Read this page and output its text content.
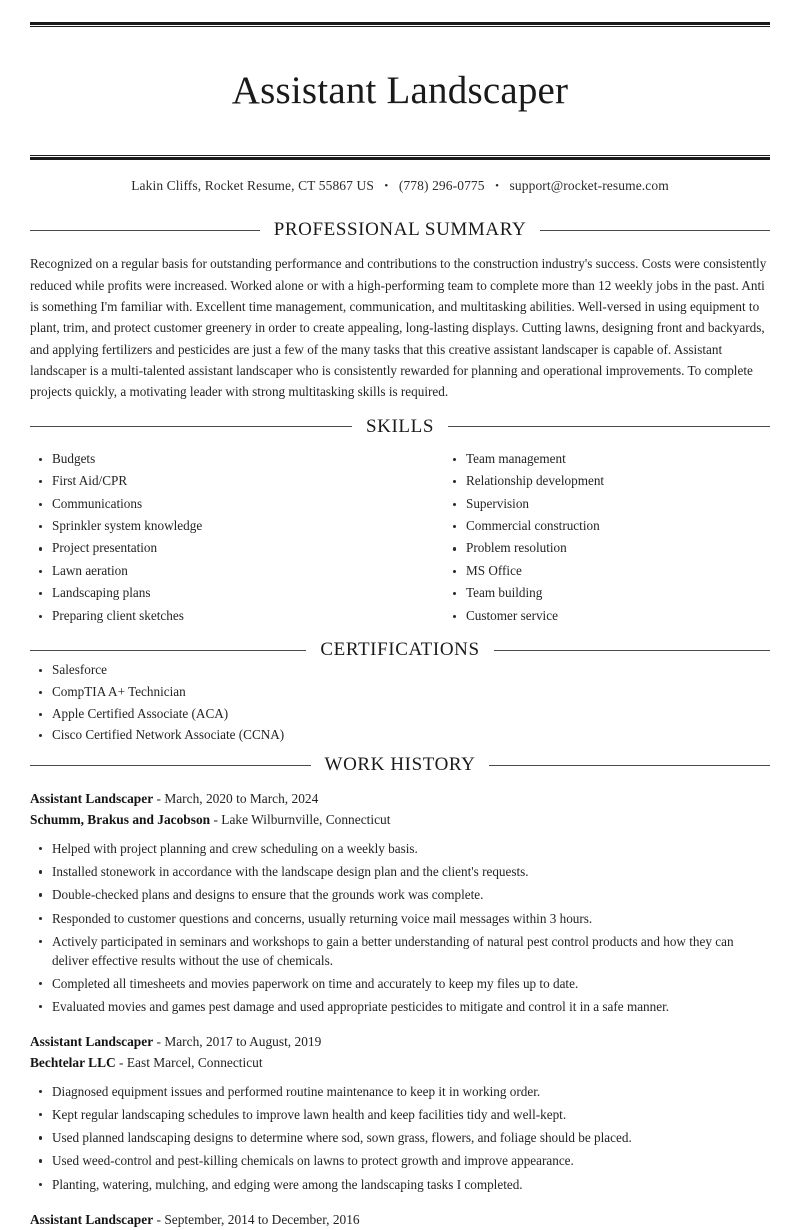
Assistant Landscaper
Lakin Cliffs, Rocket Resume, CT 55867 US • (778) 296-0775 • support@rocket-resume.com
PROFESSIONAL SUMMARY

Recognized on a regular basis for outstanding performance and contributions to the construction industry's success. Costs were consistently reduced while profits were increased. Worked alone or with a high-performing team to complete more than 12 weekly jobs in the past. Anti is something I'm familiar with. Excellent time management, communication, and multitasking abilities. Well-versed in using equipment to plant, trim, and protect customer greenery in order to create appealing, long-lasting displays. Cutting lawns, designing front and backyards, and applying fertilizers and pesticides are just a few of the many tasks that this creative assistant landscaper is capable of. Assistant landscaper is a multi-talented assistant landscaper who is consistently rewarded for planning and operational improvements. To complete projects quickly, a motivating leader with strong multitasking skills is required.

SKILLS
Budgets
First Aid/CPR
Communications
Sprinkler system knowledge
Project presentation
Lawn aeration
Landscaping plans
Preparing client sketches
Team management
Relationship development
Supervision
Commercial construction
Problem resolution
MS Office
Team building
Customer service
CERTIFICATIONS
Salesforce
CompTIA A+ Technician
Apple Certified Associate (ACA)
Cisco Certified Network Associate (CCNA)
WORK HISTORY
Assistant Landscaper - March, 2020 to March, 2024
Schumm, Brakus and Jacobson - Lake Wilburnville, Connecticut
Helped with project planning and crew scheduling on a weekly basis.
Installed stonework in accordance with the landscape design plan and the client's requests.
Double-checked plans and designs to ensure that the grounds work was complete.
Responded to customer questions and concerns, usually returning voice mail messages within 3 hours.
Actively participated in seminars and workshops to gain a better understanding of natural pest control products and how they can deliver effective results without the use of chemicals.
Completed all timesheets and movies paperwork on time and accurately to keep my files up to date.
Evaluated movies and games pest damage and used appropriate pesticides to mitigate and control it in a safe manner.
Assistant Landscaper - March, 2017 to August, 2019
Bechtelar LLC - East Marcel, Connecticut
Diagnosed equipment issues and performed routine maintenance to keep it in working order.
Kept regular landscaping schedules to improve lawn health and keep facilities tidy and well-kept.
Used planned landscaping designs to determine where sod, sown grass, flowers, and foliage should be placed.
Used weed-control and pest-killing chemicals on lawns to protect growth and improve appearance.
Planting, watering, mulching, and edging were among the landscaping tasks I completed.
Assistant Landscaper - September, 2014 to December, 2016
